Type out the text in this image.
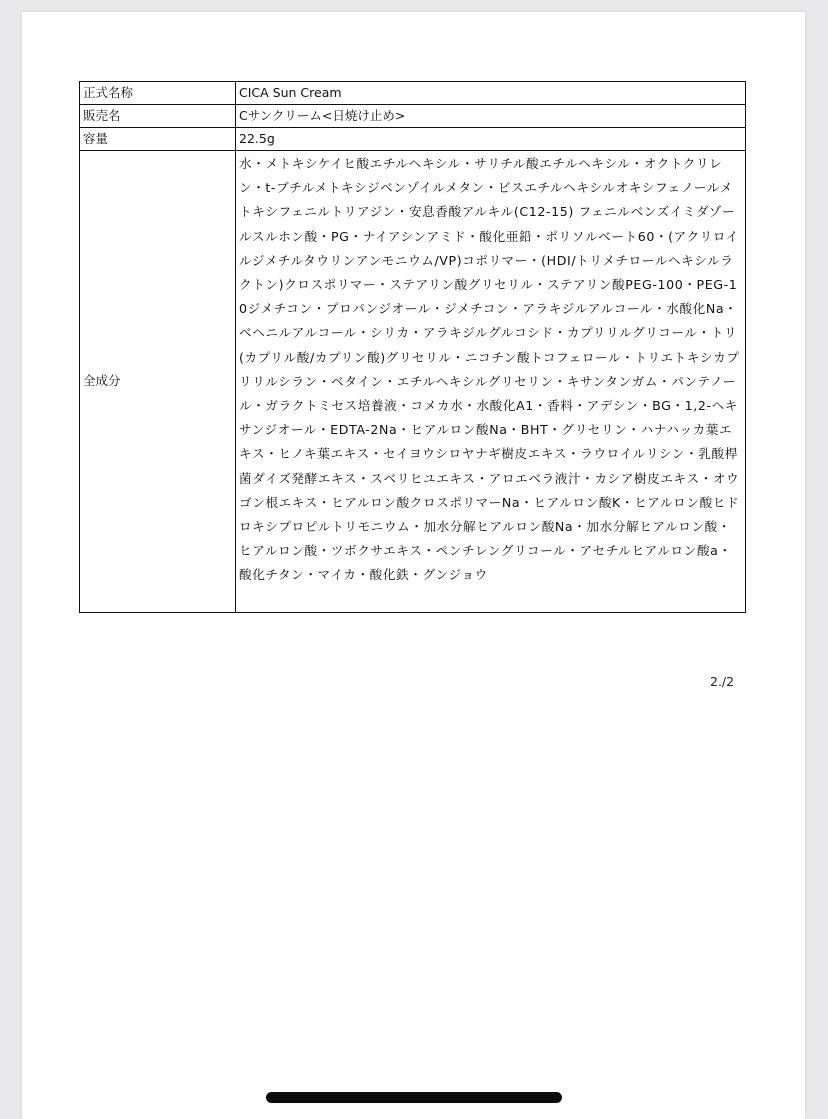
正式名称	CICA Sun Cream
販売名	Cサンクリーム<日焼け止め>
容量	22.5g
全成分	水・メトキシケイヒ酸エチルヘキシル・サリチル酸エチルヘキシル・オクトクリレン・t-ブチルメトキシジベンゾイルメタン・ビスエチルヘキシルオキシフェノールメトキシフェニルトリアジン・安息香酸アルキル(C12-15) フェニルベンズイミダゾールスルホン酸・PG・ナイアシンアミド・酸化亜鉛・ポリソルベート60・(アクリロイルジメチルタウリンアンモニウム/VP)コポリマー・(HDI/トリメチロールヘキシルラクトン)クロスポリマー・ステアリン酸グリセリル・ステアリン酸PEG-100・PEG-10ジメチコン・プロパンジオール・ジメチコン・アラキジルアルコール・水酸化Na・ベヘニルアルコール・シリカ・アラキジルグルコシド・カプリリルグリコール・トリ(カプリル酸/カプリン酸)グリセリル・ニコチン酸トコフェロール・トリエトキシカプリリルシラン・ベタイン・エチルヘキシルグリセリン・キサンタンガム・パンテノール・ガラクトミセス培養液・コメカ水・水酸化A1・香料・アデシン・BG・1,2-ヘキサンジオール・EDTA-2Na・ヒアルロン酸Na・BHT・グリセリン・ハナハッカ葉エキス・ヒノキ葉エキス・セイヨウシロヤナギ樹皮エキス・ラウロイルリシン・乳酸桿菌ダイズ発酵エキス・スベリヒユエキス・アロエベラ液汁・カシア樹皮エキス・オウゴン根エキス・ヒアルロン酸クロスポリマーNa・ヒアルロン酸K・ヒアルロン酸ヒドロキシプロピルトリモニウム・加水分解ヒアルロン酸Na・加水分解ヒアルロン酸・ヒアルロン酸・ツボクサエキス・ペンチレングリコール・アセチルヒアルロン酸a・酸化チタン・マイカ・酸化鉄・グンジョウ
2./2
